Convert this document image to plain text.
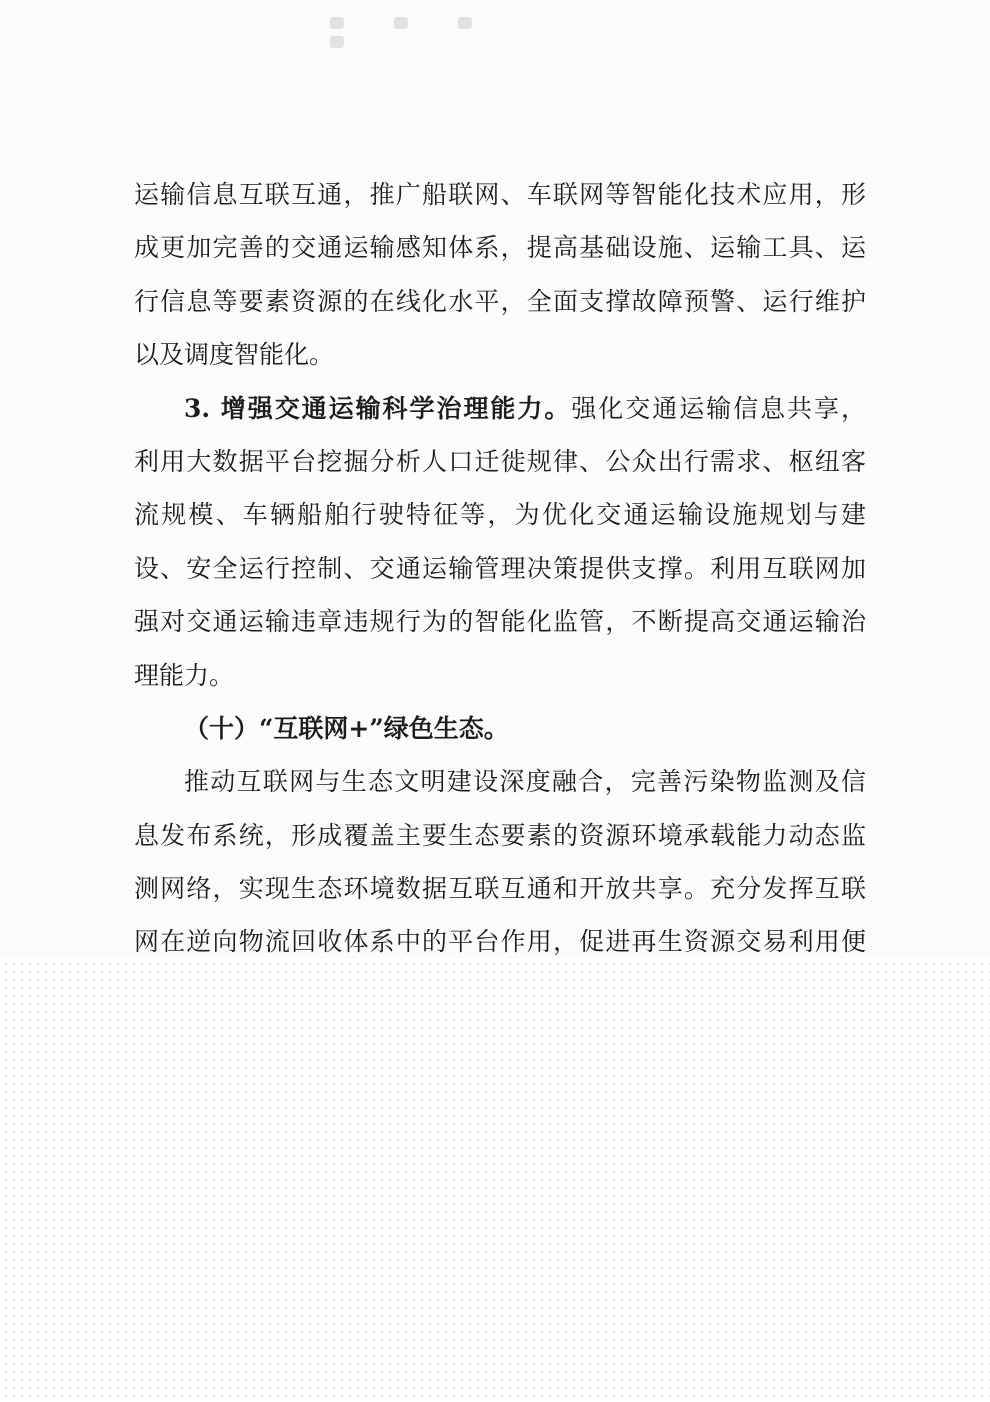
运输信息互联互通，推广船联网、车联网等智能化技术应用，形
成更加完善的交通运输感知体系，提高基础设施、运输工具、运
行信息等要素资源的在线化水平，全面支撑故障预警、运行维护
以及调度智能化。
3. 增强交通运输科学治理能力。强化交通运输信息共享，
利用大数据平台挖掘分析人口迁徙规律、公众出行需求、枢纽客
流规模、车辆船舶行驶特征等，为优化交通运输设施规划与建
设、安全运行控制、交通运输管理决策提供支撑。利用互联网加
强对交通运输违章违规行为的智能化监管，不断提高交通运输治
理能力。
（十）“互联网+”绿色生态。
推动互联网与生态文明建设深度融合，完善污染物监测及信
息发布系统，形成覆盖主要生态要素的资源环境承载能力动态监
测网络，实现生态环境数据互联互通和开放共享。充分发挥互联
网在逆向物流回收体系中的平台作用，促进再生资源交易利用便
